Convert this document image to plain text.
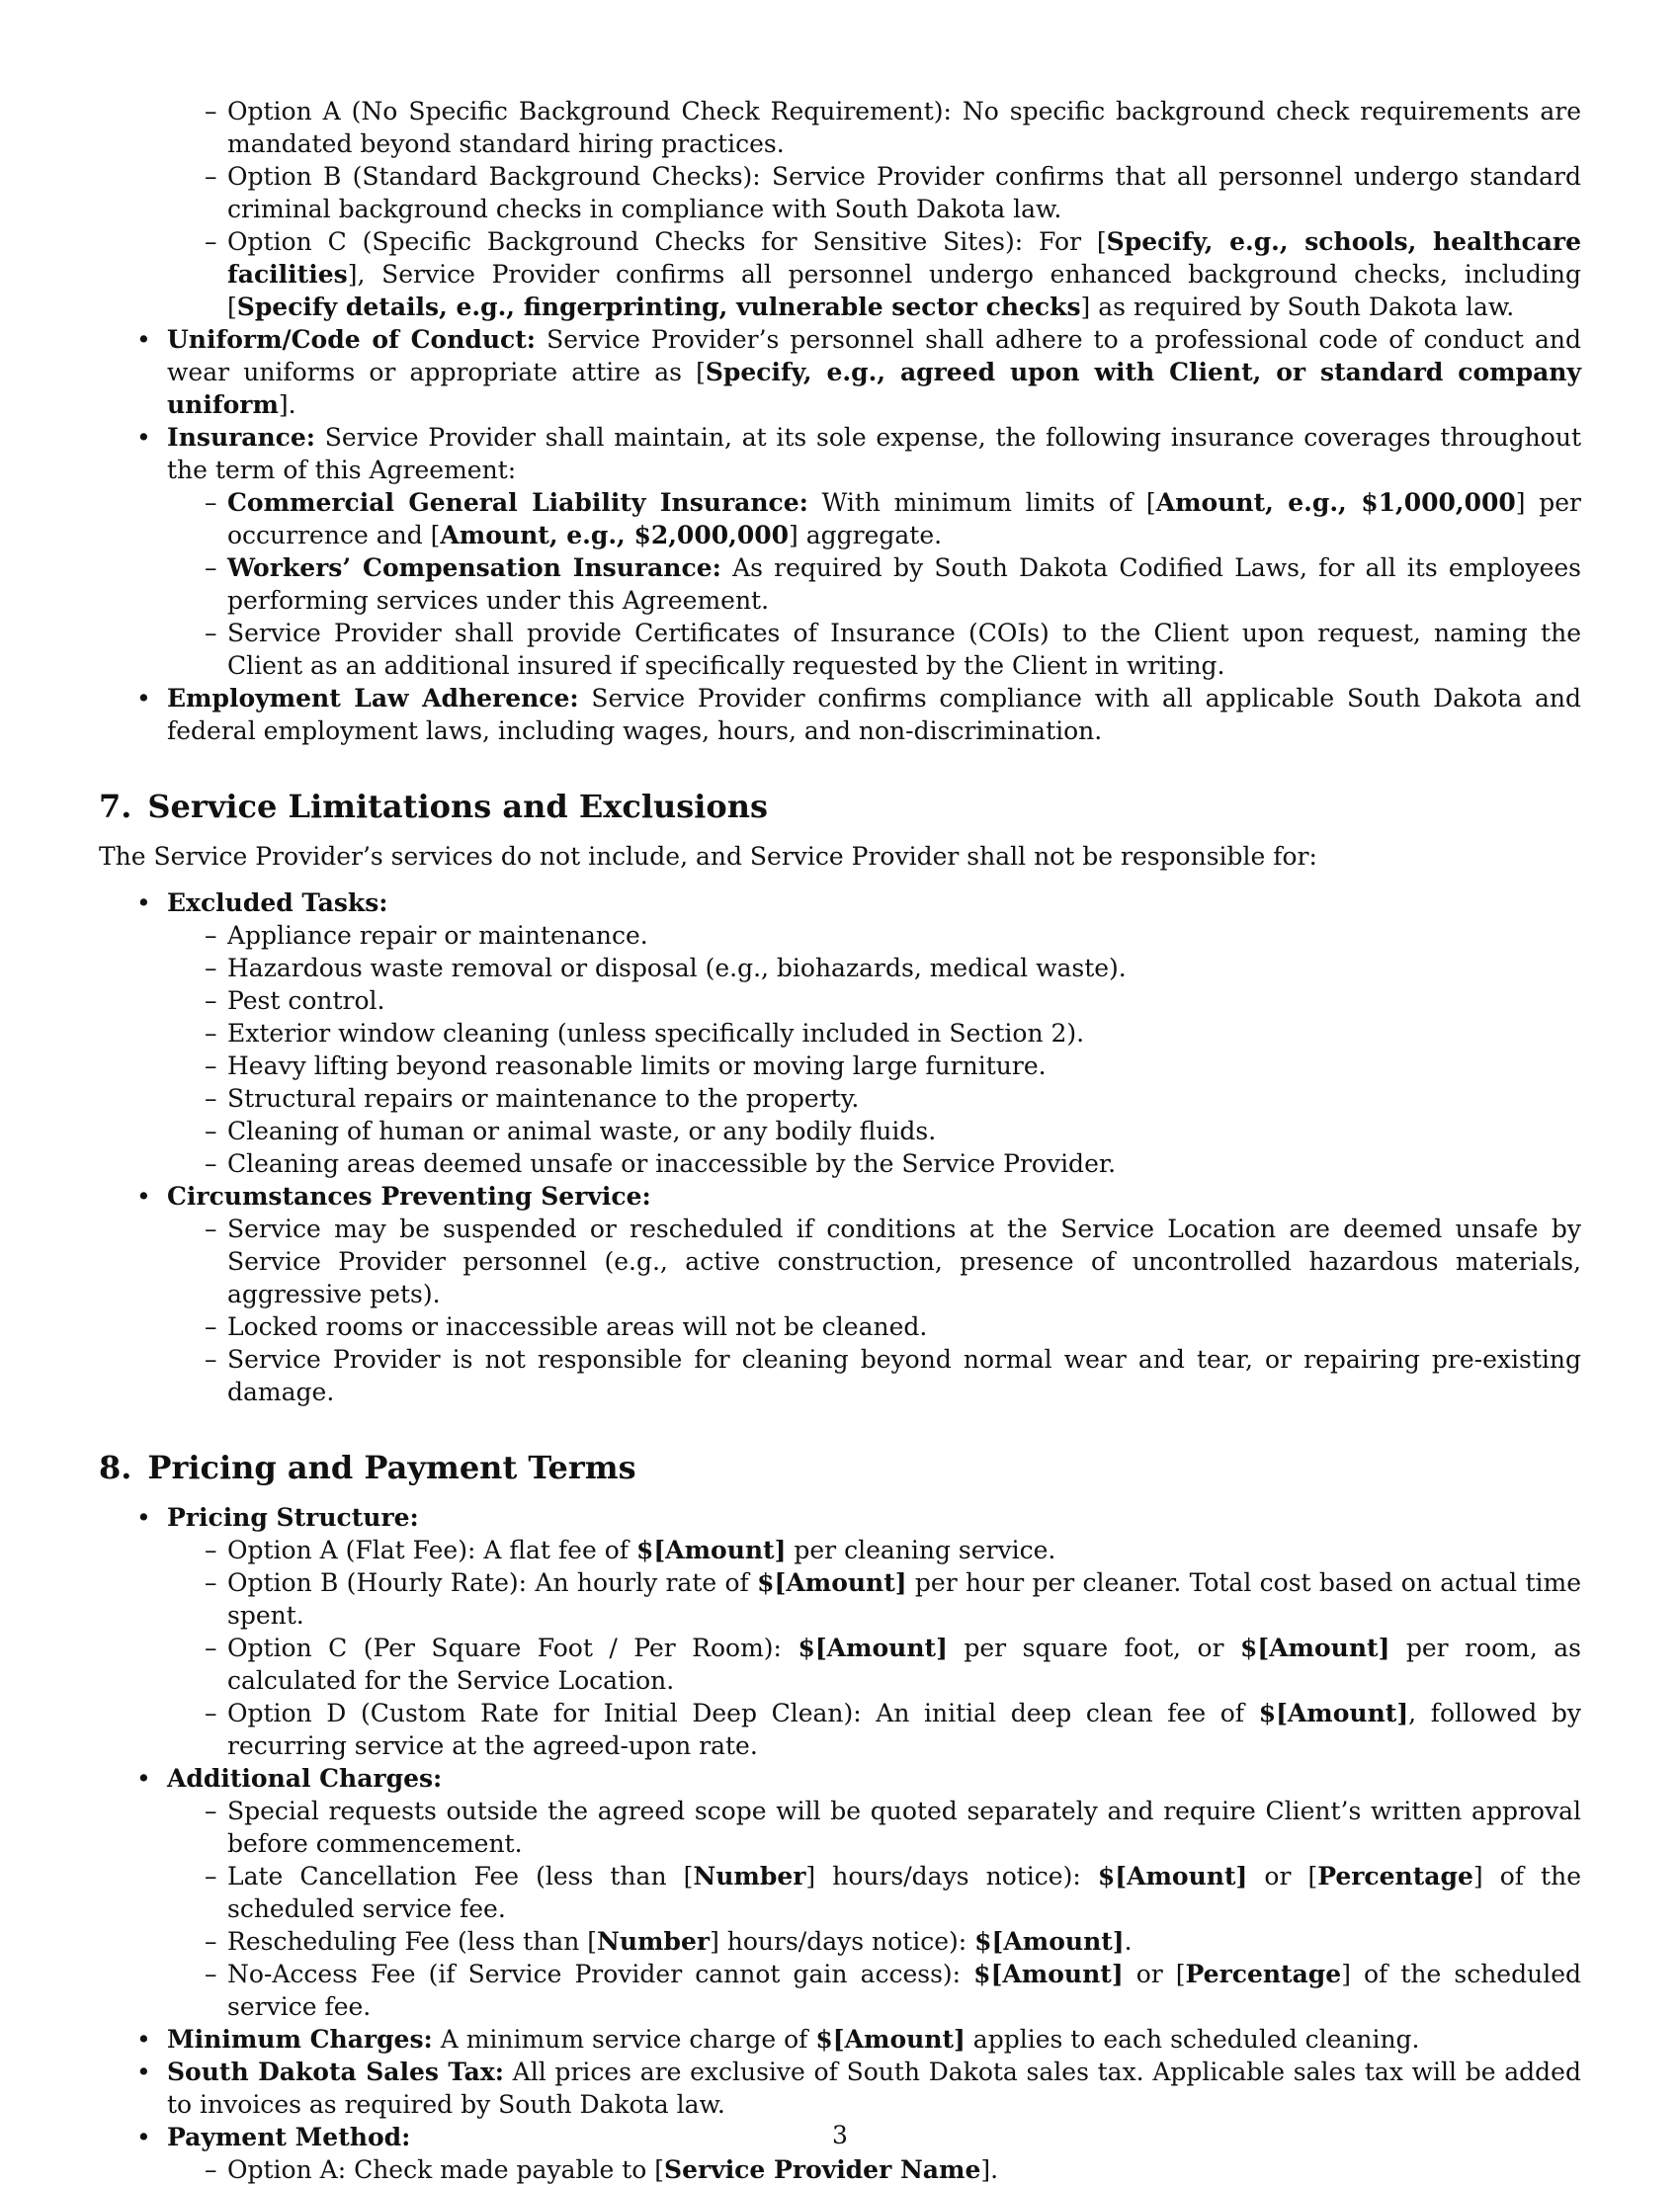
– Option A (No Specific Background Check Requirement): No specific background check requirements are mandated beyond standard hiring practices.
– Option B (Standard Background Checks): Service Provider confirms that all personnel undergo standard criminal background checks in compliance with South Dakota law.
– Option C (Specific Background Checks for Sensitive Sites): For [Specify, e.g., schools, healthcare facilities], Service Provider confirms all personnel undergo enhanced background checks, including [Specify details, e.g., fingerprinting, vulnerable sector checks] as required by South Dakota law.
• Uniform/Code of Conduct: Service Provider’s personnel shall adhere to a professional code of conduct and wear uniforms or appropriate attire as [Specify, e.g., agreed upon with Client, or standard company uniform].
• Insurance: Service Provider shall maintain, at its sole expense, the following insurance coverages throughout the term of this Agreement:
– Commercial General Liability Insurance: With minimum limits of [Amount, e.g., $1,000,000] per occurrence and [Amount, e.g., $2,000,000] aggregate.
– Workers’ Compensation Insurance: As required by South Dakota Codified Laws, for all its employees performing services under this Agreement.
– Service Provider shall provide Certificates of Insurance (COIs) to the Client upon request, naming the Client as an additional insured if specifically requested by the Client in writing.
• Employment Law Adherence: Service Provider confirms compliance with all applicable South Dakota and federal employment laws, including wages, hours, and non-discrimination.
7. Service Limitations and Exclusions

The Service Provider’s services do not include, and Service Provider shall not be responsible for:

• Excluded Tasks:
– Appliance repair or maintenance.
– Hazardous waste removal or disposal (e.g., biohazards, medical waste).
– Pest control.
– Exterior window cleaning (unless specifically included in Section 2).
– Heavy lifting beyond reasonable limits or moving large furniture.
– Structural repairs or maintenance to the property.
– Cleaning of human or animal waste, or any bodily fluids.
– Cleaning areas deemed unsafe or inaccessible by the Service Provider.
• Circumstances Preventing Service:
– Service may be suspended or rescheduled if conditions at the Service Location are deemed unsafe by Service Provider personnel (e.g., active construction, presence of uncontrolled hazardous materials, aggressive pets).
– Locked rooms or inaccessible areas will not be cleaned.
– Service Provider is not responsible for cleaning beyond normal wear and tear, or repairing pre-existing damage.
8. Pricing and Payment Terms
• Pricing Structure:
– Option A (Flat Fee): A flat fee of $[Amount] per cleaning service.
– Option B (Hourly Rate): An hourly rate of $[Amount] per hour per cleaner. Total cost based on actual time spent.
– Option C (Per Square Foot / Per Room): $[Amount] per square foot, or $[Amount] per room, as calculated for the Service Location.
– Option D (Custom Rate for Initial Deep Clean): An initial deep clean fee of $[Amount], followed by recurring service at the agreed-upon rate.
• Additional Charges:
– Special requests outside the agreed scope will be quoted separately and require Client’s written approval before commencement.
– Late Cancellation Fee (less than [Number] hours/days notice): $[Amount] or [Percentage] of the scheduled service fee.
– Rescheduling Fee (less than [Number] hours/days notice): $[Amount].
– No-Access Fee (if Service Provider cannot gain access): $[Amount] or [Percentage] of the scheduled service fee.
• Minimum Charges: A minimum service charge of $[Amount] applies to each scheduled cleaning.
• South Dakota Sales Tax: All prices are exclusive of South Dakota sales tax. Applicable sales tax will be added to invoices as required by South Dakota law.
• Payment Method:
– Option A: Check made payable to [Service Provider Name].
3
